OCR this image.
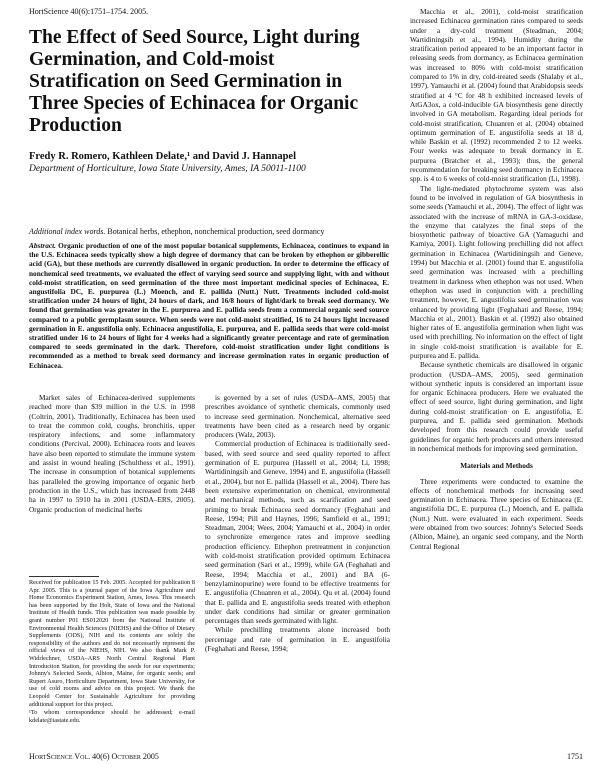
HortScience 40(6):1751–1754. 2005.
The Effect of Seed Source, Light during Germination, and Cold-moist Stratification on Seed Germination in Three Species of Echinacea for Organic Production
Fredy R. Romero, Kathleen Delate,¹ and David J. Hannapel
Department of Horticulture, Iowa State University, Ames, IA 50011-1100
Additional index words. Botanical herbs, ethephon, nonchemical production, seed dormancy

Abstract. Organic production of one of the most popular botanical supplements, Echinacea, continues to expand in the U.S. Echinacea seeds typically show a high degree of dormancy that can be broken by ethephon or gibberellic acid (GA), but these methods are currently disallowed in organic production. In order to determine the efficacy of nonchemical seed treatments, we evaluated the effect of varying seed source and supplying light, with and without cold-moist stratification, on seed germination of the three most important medicinal species of Echinacea, E. angustifolia DC, E. purpurea (L.) Moench, and E. pallida (Nutt.) Nutt. Treatments included cold-moist stratification under 24 hours of light, 24 hours of dark, and 16/8 hours of light/dark to break seed dormancy. We found that germination was greater in the E. purpurea and E. pallida seeds from a commercial organic seed source compared to a public germplasm source. When seeds were not cold-moist stratified, 16 to 24 hours light increased germination in E. angustifolia only. Echinacea angustifolia, E. purpurea, and E. pallida seeds that were cold-moist stratified under 16 to 24 hours of light for 4 weeks had a significantly greater percentage and rate of germination compared to seeds germinated in the dark. Therefore, cold-moist stratification under light conditions is recommended as a method to break seed dormancy and increase germination rates in organic production of Echinacea.

Market sales of Echinacea-derived supplements reached more than $39 million in the U.S. in 1998 (Coltrin, 2001). Traditionally, Echinacea has been used to treat the common cold, coughs, bronchitis, upper respiratory infections, and some inflammatory conditions (Percival, 2000). Echinacea roots and leaves have also been reported to stimulate the immune system and assist in wound healing (Schulthess et al., 1991). The increase in consumption of botanical supplements has paralleled the growing importance of organic herb production in the U.S., which has increased from 2448 ha in 1997 to 5910 ha in 2001 (USDA–ERS, 2005). Organic production of medicinal herbs

Received for publication 15 Feb. 2005. Accepted for publication 8 Apr. 2005. This is a journal paper of the Iowa Agriculture and Home Economics Experiment Station, Ames, Iowa. This research has been supported by the Holt, State of Iowa and the National Institute of Health funds. This publication was made possible by grant number P01 ES012020 from the National Institute of Environmental Health Sciences (NIEHS) and the Office of Dietary Supplements (ODS), NIH and its contents are solely the responsibility of the authors and do not necessarily represent the official views of the NIEHS, NIH. We also thank Mark P. Widrlechner, USDA–ARS North Central Regional Plant Introduction Station, for providing the seeds for our experiments; Johnny's Selected Seeds, Albion, Maine, for organic seeds; and Rupert Asuro, Horticulture Department, Iowa State University, for use of cold rooms and advice on this project. We thank the Leopold Center for Sustainable Agriculture for providing additional support for this project.

¹To whom correspondence should be addressed; e-mail kdelate@iastate.edu.

is governed by a set of rules (USDA–AMS, 2005) that prescribes avoidance of synthetic chemicals, commonly used to increase seed germination. Nonchemical, alternative seed treatments have been cited as a research need by organic producers (Walz, 2003).

Commercial production of Echinacea is traditionally seed-based, with seed source and seed quality reported to affect germination of E. purpurea (Hassell et al., 2004; Li, 1998; Wartidiningsih and Geneve, 1994) and E. angustifolia (Hassell et al., 2004), but not E. pallida (Hassell et al., 2004). There has been extensive experimentation on chemical, environmental and mechanical methods, such as scarification and seed priming to break Echinacea seed dormancy (Feghahati and Reese, 1994; Pill and Haynes, 1996; Samfield et al., 1991; Steadman, 2004; Wees, 2004; Yamauchi et al., 2004) in order to synchronize emergence rates and improve seedling production efficiency. Ethephon pretreatment in conjunction with cold-moist stratification provided optimum Echinacea seed germination (Sari et al., 1999), while GA (Feghahati and Reese, 1994; Macchia et al., 2001) and BA (6-benzylaminopurine) were found to be effective treatments for E. angustifolia (Chuanren et al., 2004). Qu et al. (2004) found that E. pallida and E. angustifolia seeds treated with ethephon under dark conditions had similar or greater germination percentages than seeds germinated with light.

While prechilling treatments alone increased both percentage and rate of germination in E. angustifolia (Feghahati and Reese, 1994;

Macchia et al., 2001), cold-moist stratification increased Echinacea germination rates compared to seeds under a dry-cold treatment (Steadman, 2004; Wartidiningsih et al., 1994). Humidity during the stratification period appeared to be an important factor in releasing seeds from dormancy, as Echinacea germination was increased to 80% with cold-moist stratification compared to 1% in dry, cold-treated seeds (Shalaby et al., 1997). Yamauchi et al. (2004) found that Arabidopsis seeds stratified at 4 °C for 48 h exhibited increased levels of AtGA3ox, a cold-inducible GA biosynthesis gene directly involved in GA metabolism. Regarding ideal periods for cold-moist stratification, Chuanren et al. (2004) obtained optimum germination of E. angustifolia seeds at 18 d, while Baskin et al. (1992) recommended 2 to 12 weeks. Four weeks was adequate to break dormancy in E. purpurea (Bratcher et al., 1993); thus, the general recommendation for breaking seed dormancy in Echinacea spp. is 4 to 6 weeks of cold-moist stratification (Li, 1998).

The light-mediated phytochrome system was also found to be involved in regulation of GA biosynthesis in some seeds (Yamauchi et al., 2004). The effect of light was associated with the increase of mRNA in GA-3-oxidase, the enzyme that catalyzes the final steps of the biosynthetic pathway of bioactive GA (Yamaguchi and Kamiya, 2001). Light following prechilling did not affect germination in Echinacea (Wartidiningsih and Geneve, 1994) but Macchia et al. (2001) found that E. angustifolia seed germination was increased with a prechilling treatment in darkness when ethephon was not used. When ethephon was used in conjunction with a prechilling treatment, however, E. angustifolia seed germination was enhanced by providing light (Feghahati and Reese, 1994; Macchia et al., 2001). Baskin et al. (1992) also obtained higher rates of E. angustifolia germination when light was used with prechilling. No information on the effect of light in single cold-moist stratification is available for E. purpurea and E. pallida.

Because synthetic chemicals are disallowed in organic production (USDA–AMS, 2005), seed germination without synthetic inputs is considered an important issue for organic Echinacea producers. Here we evaluated the effect of seed source, light during germination, and light during cold-moist stratification on E. angustifolia, E. purpurea, and E. pallida seed germination. Methods developed from this research could provide useful guidelines for organic herb producers and others interested in nonchemical methods for improving seed germination.

Materials and Methods

Three experiments were conducted to examine the effects of nonchemical methods for increasing seed germination in Echinacea. Three species of Echinacea (E. angustifolia DC, E. purpurea (L.) Moench, and E. pallida (Nutt.) Nutt. were evaluated in each experiment. Seeds were obtained from two sources: Johnny's Selected Seeds (Albion, Maine), an organic seed company, and the North Central Regional

HortScience Vol. 40(6) October 2005	1751
